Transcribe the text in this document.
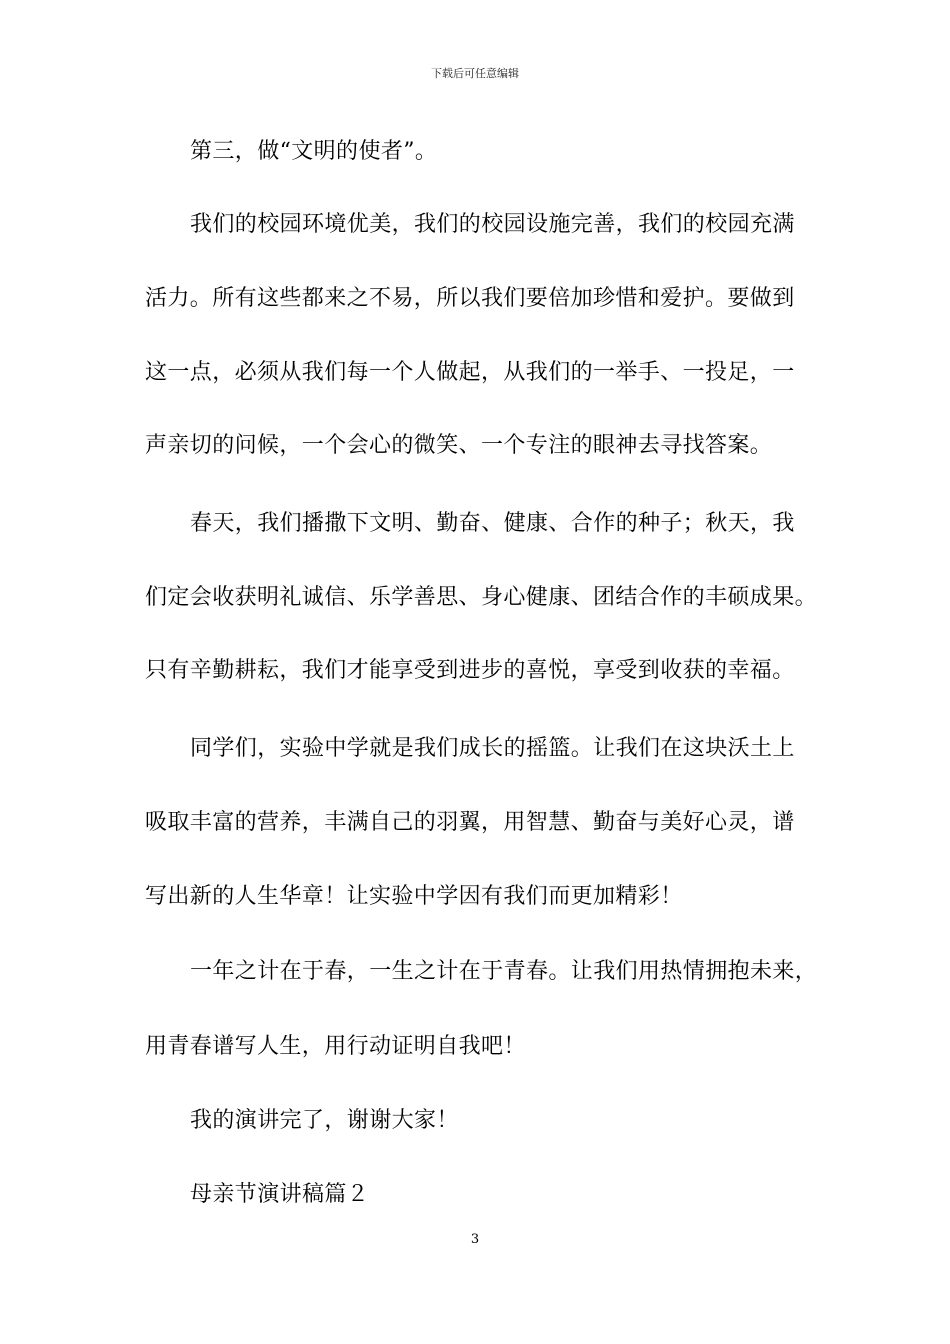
下载后可任意编辑
第三，做“文明的使者”。
我们的校园环境优美，我们的校园设施完善，我们的校园充满
活力。所有这些都来之不易，所以我们要倍加珍惜和爱护。要做到
这一点，必须从我们每一个人做起，从我们的一举手、一投足，一
声亲切的问候，一个会心的微笑、一个专注的眼神去寻找答案。
春天，我们播撒下文明、勤奋、健康、合作的种子；秋天，我
们定会收获明礼诚信、乐学善思、身心健康、团结合作的丰硕成果。
只有辛勤耕耘，我们才能享受到进步的喜悦，享受到收获的幸福。
同学们，实验中学就是我们成长的摇篮。让我们在这块沃土上
吸取丰富的营养，丰满自己的羽翼，用智慧、勤奋与美好心灵，谱
写出新的人生华章！让实验中学因有我们而更加精彩！
一年之计在于春，一生之计在于青春。让我们用热情拥抱未来，
用青春谱写人生，用行动证明自我吧！
我的演讲完了，谢谢大家！
母亲节演讲稿篇２
3
